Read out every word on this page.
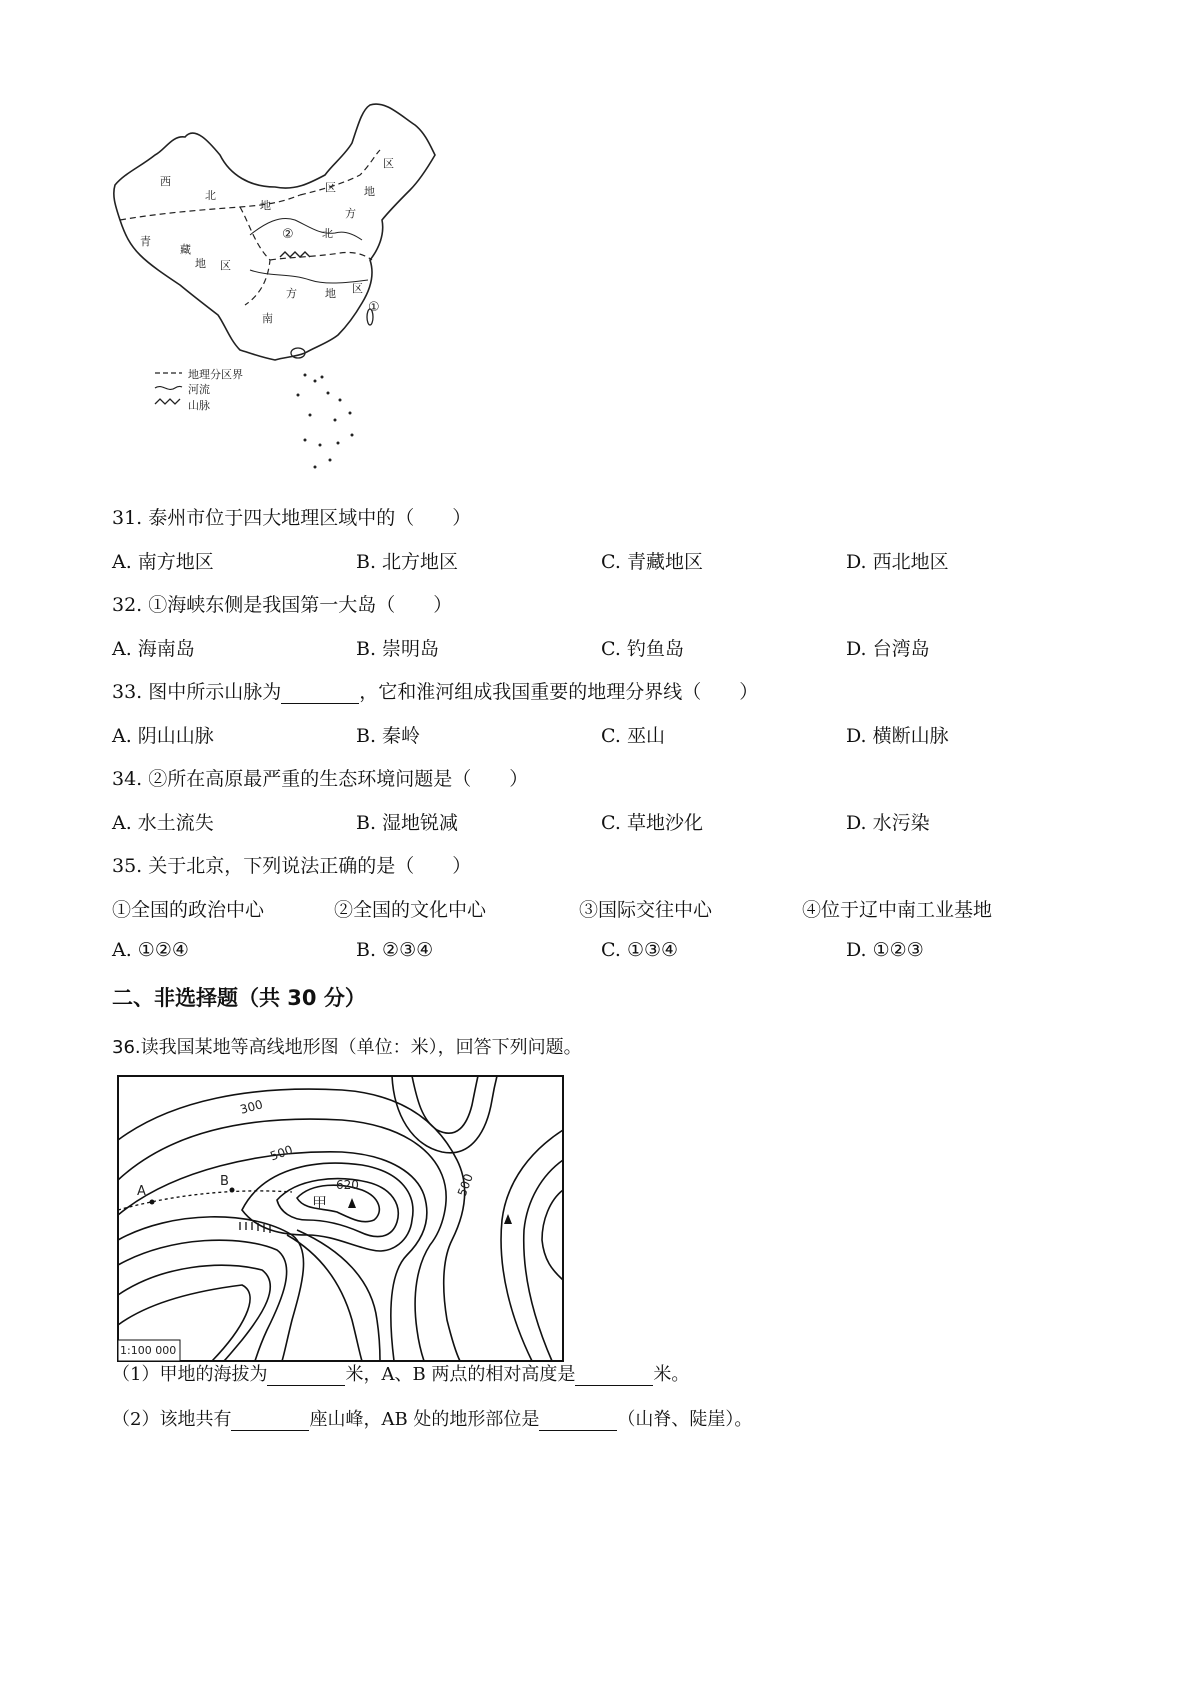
西
北
地
区
区
地
方
青
藏
地 区
南
方	地 区
北
①
②
地理分区界
河流
山脉
31. 泰州市位于四大地理区域中的（　　）
A. 南方地区	B. 北方地区	C. 青藏地区	D. 西北地区
32. ①海峡东侧是我国第一大岛（　　）
A. 海南岛	B. 崇明岛	C. 钓鱼岛	D. 台湾岛
33. 图中所示山脉为	，它和淮河组成我国重要的地理分界线（　　）
A. 阴山山脉	B. 秦岭	C. 巫山	D. 横断山脉
34. ②所在高原最严重的生态环境问题是（　　）
A. 水土流失	B. 湿地锐减	C. 草地沙化	D. 水污染
35. 关于北京，下列说法正确的是（　　）
①全国的政治中心	②全国的文化中心	③国际交往中心	④位于辽中南工业基地
A. ①②④	B. ②③④	C. ①③④	D. ①②③
二、非选择题（共 30 分）
36.读我国某地等高线地形图（单位：米），回答下列问题。
300
500
500
甲
620
A
B
1:100 000
（1）甲地的海拔为	米，A、B 两点的相对高度是	米。
（2）该地共有	座山峰，AB 处的地形部位是	（山脊、陡崖）。
